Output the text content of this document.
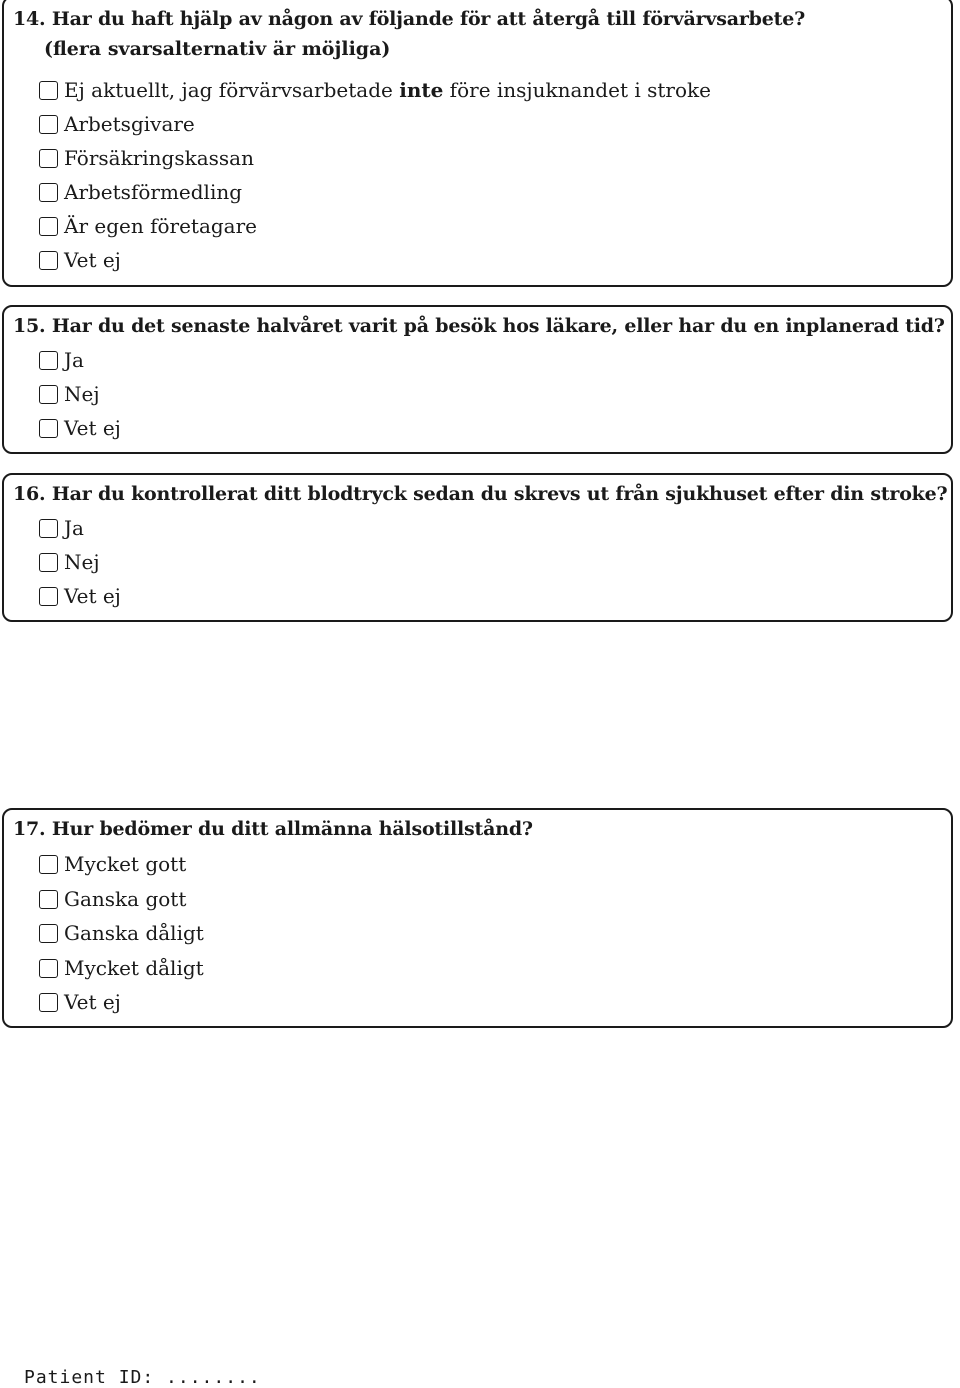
14. Har du haft hjälp av någon av följande för att återgå till förvärvsarbete?
(flera svarsalternativ är möjliga)
Ej aktuellt, jag förvärvsarbetade inte före insjuknandet i stroke
Arbetsgivare
Försäkringskassan
Arbetsförmedling
Är egen företagare
Vet ej
15. Har du det senaste halvåret varit på besök hos läkare, eller har du en inplanerad tid?
Ja
Nej
Vet ej
16. Har du kontrollerat ditt blodtryck sedan du skrevs ut från sjukhuset efter din stroke?
Ja
Nej
Vet ej
17. Hur bedömer du ditt allmänna hälsotillstånd?
Mycket gott
Ganska gott
Ganska dåligt
Mycket dåligt
Vet ej
Patient ID: ........
